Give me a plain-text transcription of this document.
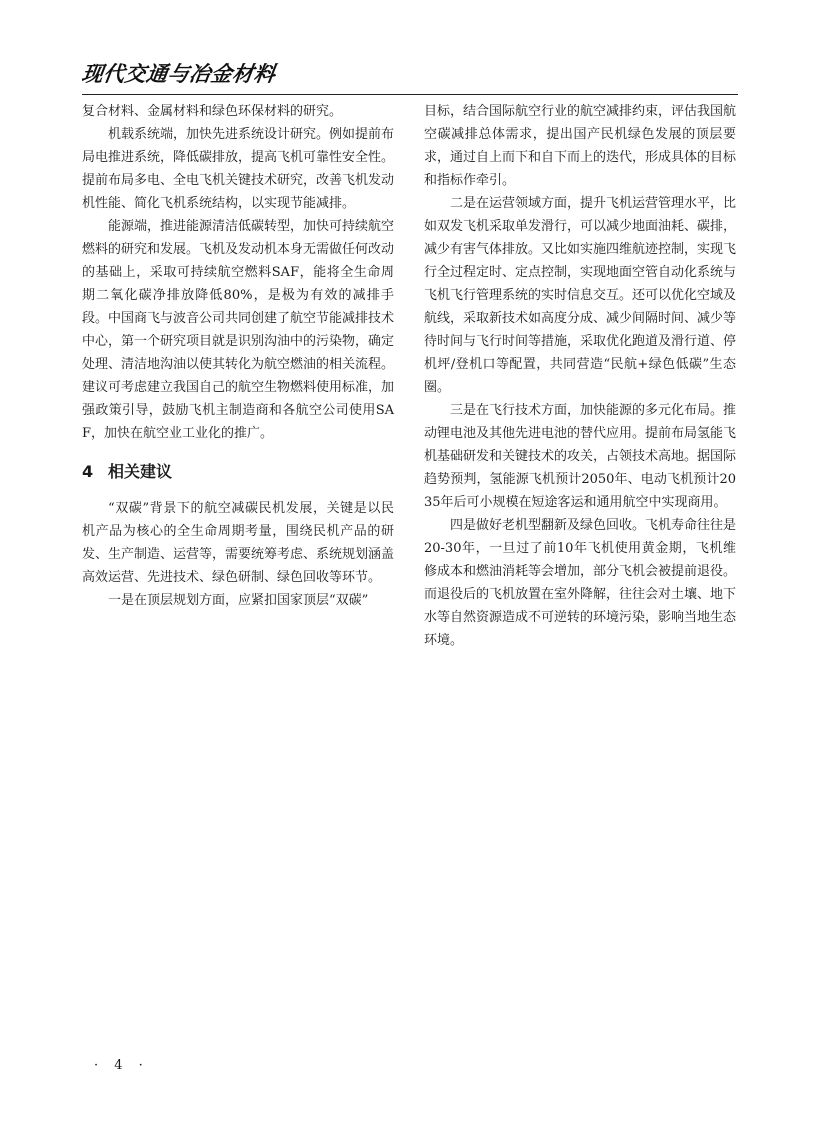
现代交通与冶金材料

复合材料、金属材料和绿色环保材料的研究。

机载系统端，加快先进系统设计研究。例如提前布局电推进系统，降低碳排放，提高飞机可靠性安全性。提前布局多电、全电飞机关键技术研究，改善飞机发动机性能、简化飞机系统结构，以实现节能减排。

能源端，推进能源清洁低碳转型，加快可持续航空燃料的研究和发展。飞机及发动机本身无需做任何改动的基础上，采取可持续航空燃料SAF，能将全生命周期二氧化碳净排放降低80%，是极为有效的减排手段。中国商飞与波音公司共同创建了航空节能减排技术中心，第一个研究项目就是识别沟油中的污染物，确定处理、清洁地沟油以使其转化为航空燃油的相关流程。建议可考虑建立我国自己的航空生物燃料使用标准，加强政策引导，鼓励飞机主制造商和各航空公司使用SAF，加快在航空业工业化的推广。

4 相关建议

“双碳”背景下的航空减碳民机发展，关键是以民机产品为核心的全生命周期考量，围绕民机产品的研发、生产制造、运营等，需要统筹考虑、系统规划涵盖高效运营、先进技术、绿色研制、绿色回收等环节。

一是在顶层规划方面，应紧扣国家顶层“双碳”

目标，结合国际航空行业的航空减排约束，评估我国航空碳减排总体需求，提出国产民机绿色发展的顶层要求，通过自上而下和自下而上的迭代，形成具体的目标和指标作牵引。

二是在运营领域方面，提升飞机运营管理水平，比如双发飞机采取单发滑行，可以减少地面油耗、碳排，减少有害气体排放。又比如实施四维航迹控制，实现飞行全过程定时、定点控制，实现地面空管自动化系统与飞机飞行管理系统的实时信息交互。还可以优化空域及航线，采取新技术如高度分成、减少间隔时间、减少等待时间与飞行时间等措施，采取优化跑道及滑行道、停机坪/登机口等配置，共同营造“民航+绿色低碳”生态圈。

三是在飞行技术方面，加快能源的多元化布局。推动锂电池及其他先进电池的替代应用。提前布局氢能飞机基础研发和关键技术的攻关，占领技术高地。据国际趋势预判，氢能源飞机预计2050年、电动飞机预计2035年后可小规模在短途客运和通用航空中实现商用。

四是做好老机型翻新及绿色回收。飞机寿命往往是20-30年，一旦过了前10年飞机使用黄金期，飞机维修成本和燃油消耗等会增加，部分飞机会被提前退役。而退役后的飞机放置在室外降解，往往会对土壤、地下水等自然资源造成不可逆转的环境污染，影响当地生态环境。

· 4 ·
